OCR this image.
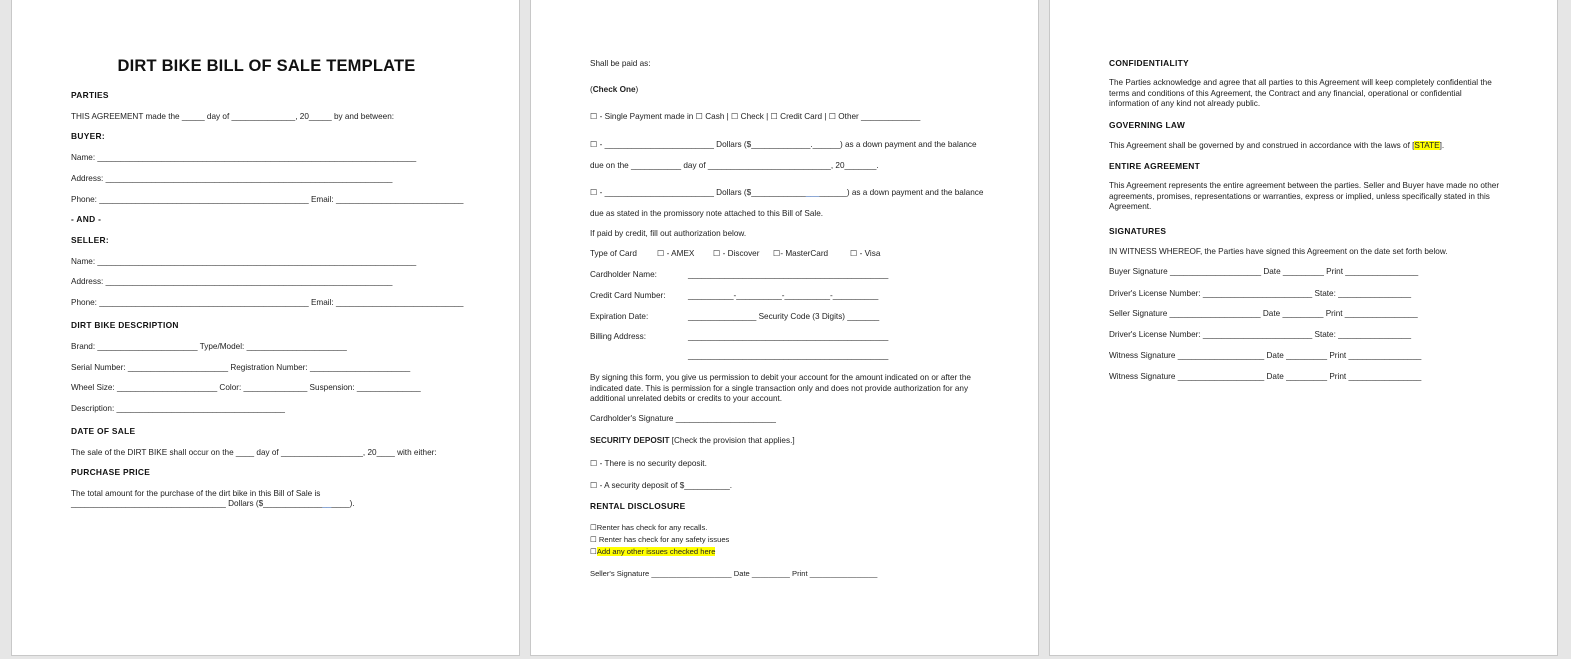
DIRT BIKE BILL OF SALE TEMPLATE
PARTIES
THIS AGREEMENT made the _____ day of ______________, 20_____ by and between:
BUYER:
Name: ______________________________________________________________________
Address: _______________________________________________________________
Phone: ______________________________________________ Email: ____________________________
- AND -
SELLER:
Name: ______________________________________________________________________
Address: _______________________________________________________________
Phone: ______________________________________________ Email: ____________________________
DIRT BIKE DESCRIPTION
Brand: ______________________ Type/Model: ______________________
Serial Number: ______________________ Registration Number: ______________________
Wheel Size: ______________________ Color: ______________ Suspension: ______________
Description: _____________________________________
DATE OF SALE
The sale of the DIRT BIKE shall occur on the ____ day of __________________, 20____ with either:
PURCHASE PRICE
The total amount for the purchase of the dirt bike in this Bill of Sale is
__________________________________ Dollars ($___________________).
Shall be paid as:
(Check One)
☐ - Single Payment made in ☐ Cash | ☐ Check | ☐ Credit Card | ☐ Other _____________
☐ - ________________________ Dollars ($_____________.______) as a down payment and the balance
due on the ___________ day of ___________________________, 20_______.
☐ - ________________________ Dollars ($_____________________) as a down payment and the balance
due as stated in the promissory note attached to this Bill of Sale.
If paid by credit, fill out authorization below.
Type of Card ☐ - AMEX ☐ - Discover ☐- MasterCard	☐ - Visa
Cardholder Name:	____________________________________________
Credit Card Number:	__________-__________-__________-__________
Expiration Date:	_______________ Security Code (3 Digits) _______
Billing Address:	____________________________________________
____________________________________________
By signing this form, you give us permission to debit your account for the amount indicated on or after the indicated date. This is permission for a single transaction only and does not provide authorization for any additional unrelated debits or credits to your account.
Cardholder's Signature ______________________
SECURITY DEPOSIT [Check the provision that applies.]
☐ - There is no security deposit.
☐ - A security deposit of $__________.
RENTAL DISCLOSURE
☐Renter has check for any recalls.
☐ Renter has check for any safety issues
☐Add any other issues checked here
Seller's Signature ___________________ Date _________ Print ________________
CONFIDENTIALITY
The Parties acknowledge and agree that all parties to this Agreement will keep completely confidential the terms and conditions of this Agreement, the Contract and any financial, operational or confidential information of any kind not already public.
GOVERNING LAW
This Agreement shall be governed by and construed in accordance with the laws of [STATE].
ENTIRE AGREEMENT
This Agreement represents the entire agreement between the parties. Seller and Buyer have made no other agreements, promises, representations or warranties, express or implied, unless specifically stated in this Agreement.
SIGNATURES
IN WITNESS WHEREOF, the Parties have signed this Agreement on the date set forth below.
Buyer Signature ____________________ Date _________ Print ________________
Driver's License Number: ________________________ State: ________________
Seller Signature ____________________ Date _________ Print ________________
Driver's License Number: ________________________ State: ________________
Witness Signature ___________________ Date _________ Print ________________
Witness Signature ___________________ Date _________ Print ________________
